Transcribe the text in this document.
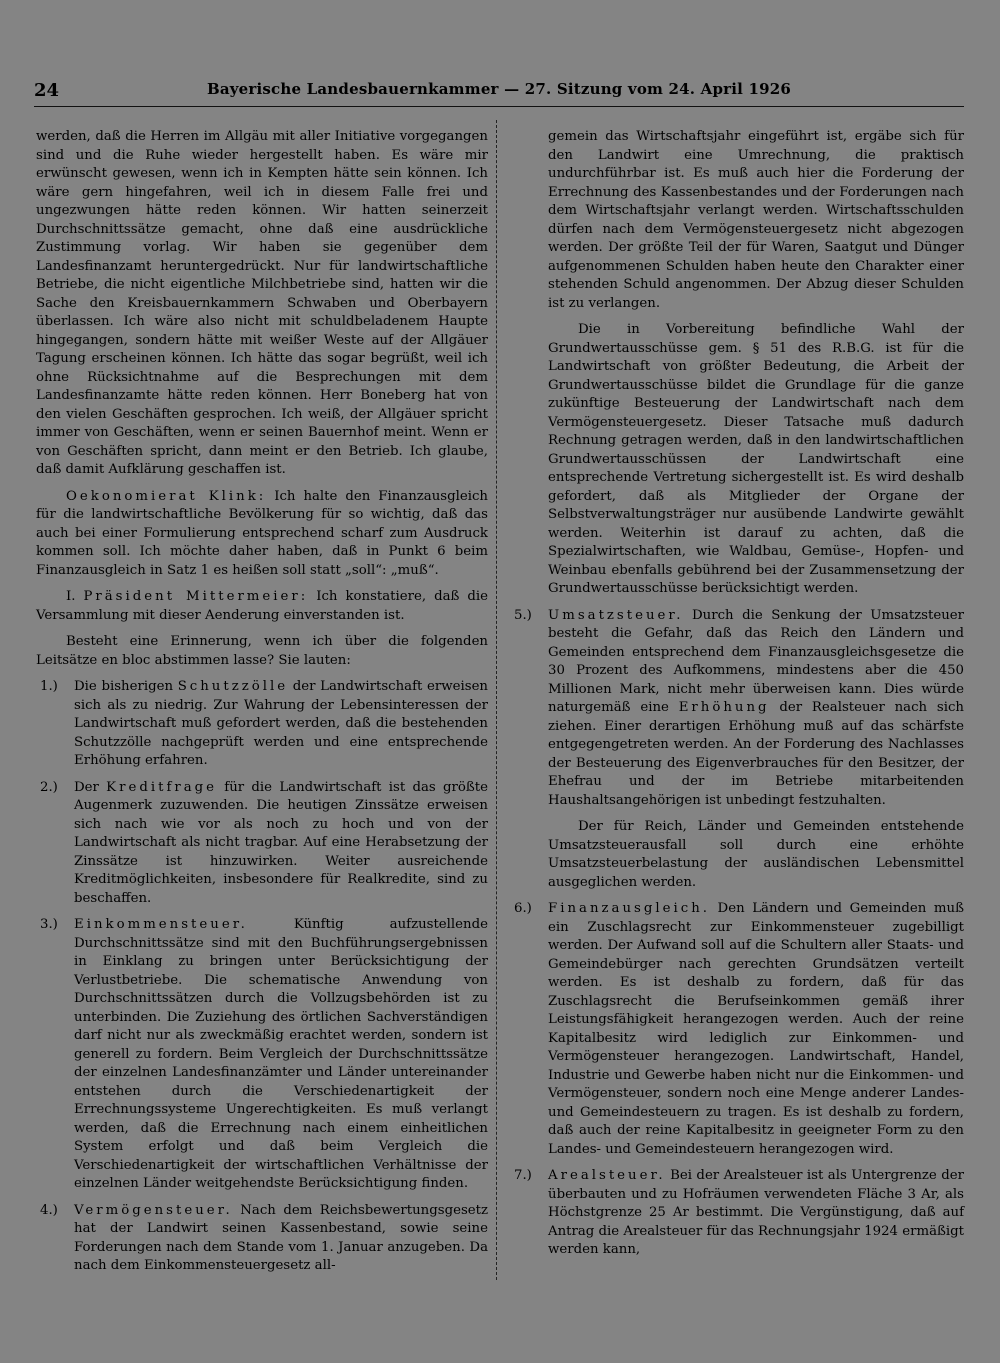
24	Bayerische Landesbauernkammer — 27. Sitzung vom 24. April 1926

werden, daß die Herren im Allgäu mit aller Initiative vorgegangen sind und die Ruhe wieder hergestellt haben. Es wäre mir erwünscht gewesen, wenn ich in Kempten hätte sein können. Ich wäre gern hingefahren, weil ich in diesem Falle frei und ungezwungen hätte reden können. Wir hatten seinerzeit Durchschnittssätze gemacht, ohne daß eine ausdrückliche Zustimmung vorlag. Wir haben sie gegenüber dem Landesfinanzamt heruntergedrückt. Nur für landwirtschaftliche Betriebe, die nicht eigentliche Milchbetriebe sind, hatten wir die Sache den Kreisbauernkammern Schwaben und Oberbayern überlassen. Ich wäre also nicht mit schuldbeladenem Haupte hingegangen, sondern hätte mit weißer Weste auf der Allgäuer Tagung erscheinen können. Ich hätte das sogar begrüßt, weil ich ohne Rücksichtnahme auf die Besprechungen mit dem Landesfinanzamte hätte reden können. Herr Boneberg hat von den vielen Geschäften gesprochen. Ich weiß, der Allgäuer spricht immer von Geschäften, wenn er seinen Bauernhof meint. Wenn er von Geschäften spricht, dann meint er den Betrieb. Ich glaube, daß damit Aufklärung geschaffen ist.

Oekonomierat Klink: Ich halte den Finanzausgleich für die landwirtschaftliche Bevölkerung für so wichtig, daß das auch bei einer Formulierung entsprechend scharf zum Ausdruck kommen soll. Ich möchte daher haben, daß in Punkt 6 beim Finanzausgleich in Satz 1 es heißen soll statt „soll“: „muß“.

I. Präsident Mittermeier: Ich konstatiere, daß die Versammlung mit dieser Aenderung einverstanden ist.

Besteht eine Erinnerung, wenn ich über die folgenden Leitsätze en bloc abstimmen lasse? Sie lauten:

1.) Die bisherigen Schutzzölle der Landwirtschaft erweisen sich als zu niedrig. Zur Wahrung der Lebensinteressen der Landwirtschaft muß gefordert werden, daß die bestehenden Schutzzölle nachgeprüft werden und eine entsprechende Erhöhung erfahren.
2.) Der Kreditfrage für die Landwirtschaft ist das größte Augenmerk zuzuwenden. Die heutigen Zinssätze erweisen sich nach wie vor als noch zu hoch und von der Landwirtschaft als nicht tragbar. Auf eine Herabsetzung der Zinssätze ist hinzuwirken. Weiter ausreichende Kreditmöglichkeiten, insbesondere für Realkredite, sind zu beschaffen.
3.) Einkommensteuer. Künftig aufzustellende Durchschnittssätze sind mit den Buchführungsergebnissen in Einklang zu bringen unter Berücksichtigung der Verlustbetriebe. Die schematische Anwendung von Durchschnittssätzen durch die Vollzugsbehörden ist zu unterbinden. Die Zuziehung des örtlichen Sachverständigen darf nicht nur als zweckmäßig erachtet werden, sondern ist generell zu fordern. Beim Vergleich der Durchschnittssätze der einzelnen Landesfinanzämter und Länder untereinander entstehen durch die Verschiedenartigkeit der Errechnungssysteme Ungerechtigkeiten. Es muß verlangt werden, daß die Errechnung nach einem einheitlichen System erfolgt und daß beim Vergleich die Verschiedenartigkeit der wirtschaftlichen Verhältnisse der einzelnen Länder weitgehendste Berücksichtigung finden.
4.) Vermögensteuer. Nach dem Reichsbewertungsgesetz hat der Landwirt seinen Kassenbestand, sowie seine Forderungen nach dem Stande vom 1. Januar anzugeben. Da nach dem Einkommensteuergesetz all-
gemein das Wirtschaftsjahr eingeführt ist, ergäbe sich für den Landwirt eine Umrechnung, die praktisch undurchführbar ist. Es muß auch hier die Forderung der Errechnung des Kassenbestandes und der Forderungen nach dem Wirtschaftsjahr verlangt werden. Wirtschaftsschulden dürfen nach dem Vermögensteuergesetz nicht abgezogen werden. Der größte Teil der für Waren, Saatgut und Dünger aufgenommenen Schulden haben heute den Charakter einer stehenden Schuld angenommen. Der Abzug dieser Schulden ist zu verlangen.

Die in Vorbereitung befindliche Wahl der Grundwertausschüsse gem. § 51 des R.B.G. ist für die Landwirtschaft von größter Bedeutung, die Arbeit der Grundwertausschüsse bildet die Grundlage für die ganze zukünftige Besteuerung der Landwirtschaft nach dem Vermögensteuergesetz. Dieser Tatsache muß dadurch Rechnung getragen werden, daß in den landwirtschaftlichen Grundwertausschüssen der Landwirtschaft eine entsprechende Vertretung sichergestellt ist. Es wird deshalb gefordert, daß als Mitglieder der Organe der Selbstverwaltungsträger nur ausübende Landwirte gewählt werden. Weiterhin ist darauf zu achten, daß die Spezialwirtschaften, wie Waldbau, Gemüse-, Hopfen- und Weinbau ebenfalls gebührend bei der Zusammensetzung der Grundwertausschüsse berücksichtigt werden.

5.) Umsatzsteuer. Durch die Senkung der Umsatzsteuer besteht die Gefahr, daß das Reich den Ländern und Gemeinden entsprechend dem Finanzausgleichsgesetze die 30 Prozent des Aufkommens, mindestens aber die 450 Millionen Mark, nicht mehr überweisen kann. Dies würde naturgemäß eine Erhöhung der Realsteuer nach sich ziehen. Einer derartigen Erhöhung muß auf das schärfste entgegengetreten werden. An der Forderung des Nachlasses der Besteuerung des Eigenverbrauches für den Besitzer, der Ehefrau und der im Betriebe mitarbeitenden Haushaltsangehörigen ist unbedingt festzuhalten.

Der für Reich, Länder und Gemeinden entstehende Umsatzsteuerausfall soll durch eine erhöhte Umsatzsteuerbelastung der ausländischen Lebensmittel ausgeglichen werden.

6.) Finanzausgleich. Den Ländern und Gemeinden muß ein Zuschlagsrecht zur Einkommensteuer zugebilligt werden. Der Aufwand soll auf die Schultern aller Staats- und Gemeindebürger nach gerechten Grundsätzen verteilt werden. Es ist deshalb zu fordern, daß für das Zuschlagsrecht die Berufseinkommen gemäß ihrer Leistungsfähigkeit herangezogen werden. Auch der reine Kapitalbesitz wird lediglich zur Einkommen- und Vermögensteuer herangezogen. Landwirtschaft, Handel, Industrie und Gewerbe haben nicht nur die Einkommen- und Vermögensteuer, sondern noch eine Menge anderer Landes- und Gemeindesteuern zu tragen. Es ist deshalb zu fordern, daß auch der reine Kapitalbesitz in geeigneter Form zu den Landes- und Gemeindesteuern herangezogen wird.
7.) Arealsteuer. Bei der Arealsteuer ist als Untergrenze der überbauten und zu Hofräumen verwendeten Fläche 3 Ar, als Höchstgrenze 25 Ar bestimmt. Die Vergünstigung, daß auf Antrag die Arealsteuer für das Rechnungsjahr 1924 ermäßigt werden kann,
